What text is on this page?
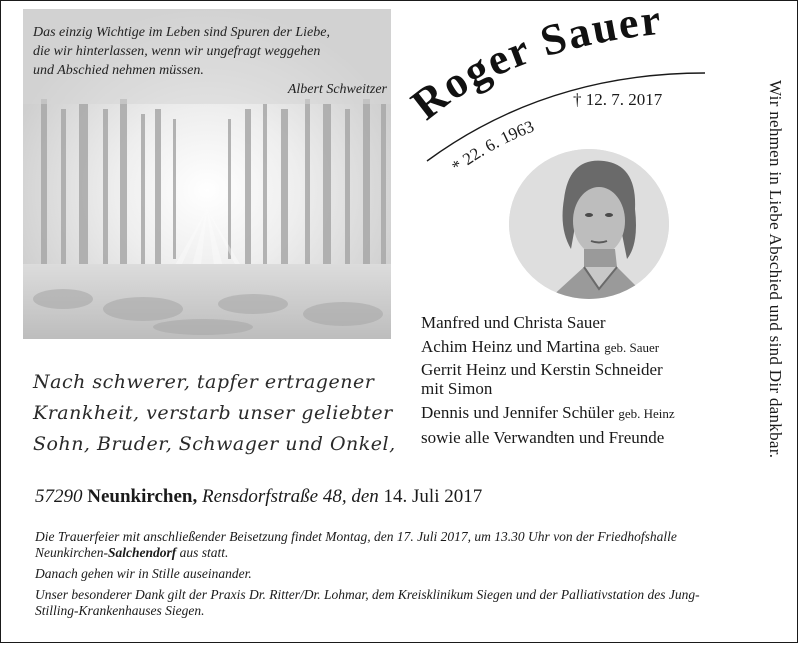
Das einzig Wichtige im Leben sind Spuren der Liebe,
die wir hinterlassen, wenn wir ungefragt weggehen
und Abschied nehmen müssen.
Albert Schweitzer Roger Sauer
* 22. 6. 1963
† 12. 7. 2017
Manfred und Christa Sauer
Achim Heinz und Martina geb. Sauer
Gerrit Heinz und Kerstin Schneider
mit Simon
Dennis und Jennifer Schüler geb. Heinz
sowie alle Verwandten und Freunde
Nach schwerer, tapfer ertragener
Krankheit, verstarb unser geliebter
Sohn, Bruder, Schwager und Onkel,	Wir nehmen in Liebe Abschied und sind Dir dankbar.
57290 Neunkirchen, Rensdorfstraße 48, den 14. Juli 2017

Die Trauerfeier mit anschließender Beisetzung findet Montag, den 17. Juli 2017, um 13.30 Uhr von der Friedhofshalle Neunkirchen-Salchendorf aus statt.

Danach gehen wir in Stille auseinander.

Unser besonderer Dank gilt der Praxis Dr. Ritter/Dr. Lohmar, dem Kreisklinikum Siegen und der Palliativstation des Jung-Stilling-Krankenhauses Siegen.
